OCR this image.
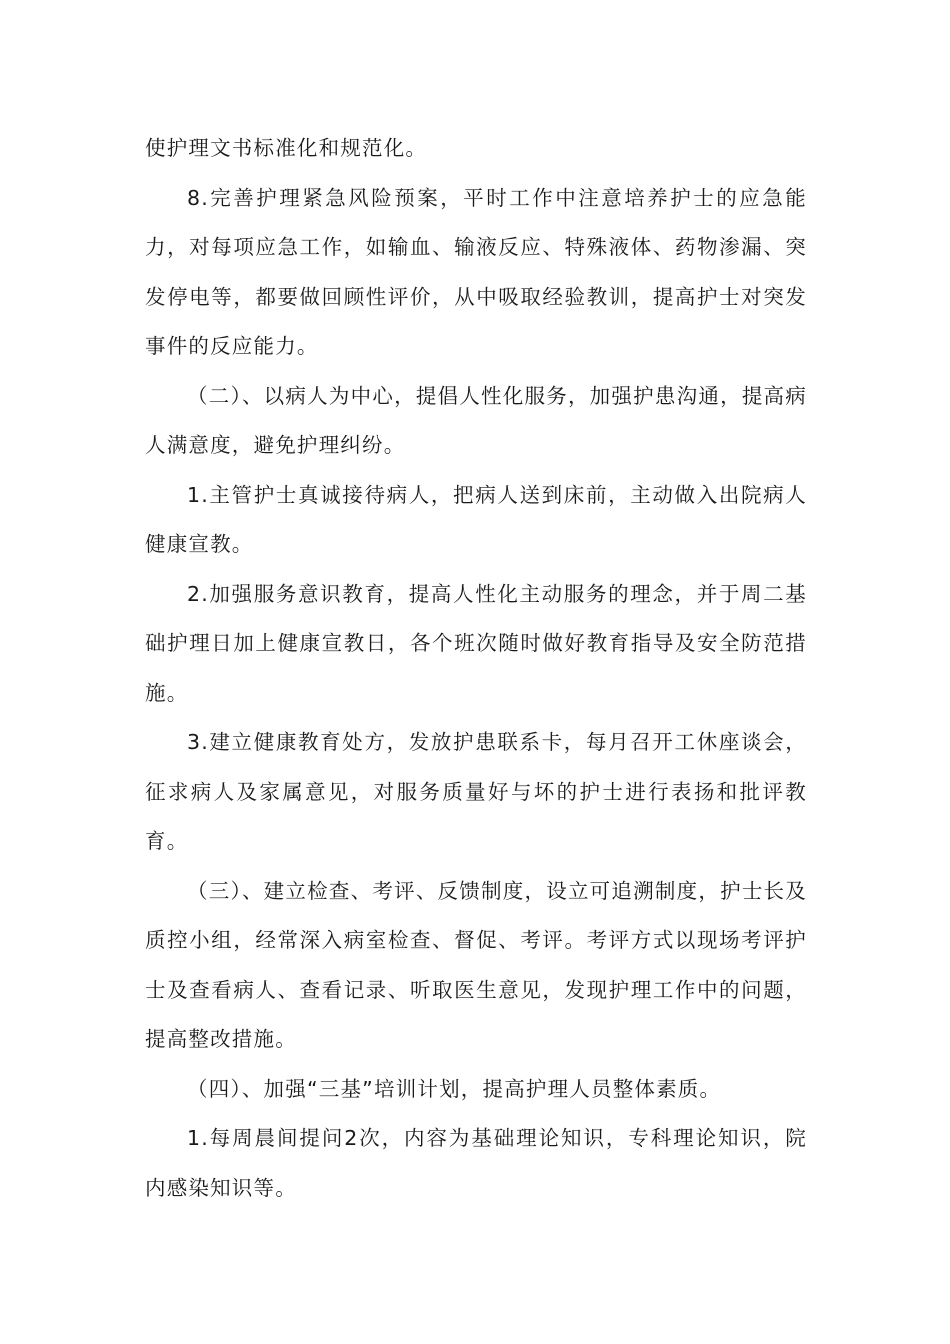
使护理文书标准化和规范化。

8.完善护理紧急风险预案，平时工作中注意培养护士的应急能力，对每项应急工作，如输血、输液反应、特殊液体、药物渗漏、突发停电等，都要做回顾性评价，从中吸取经验教训，提高护士对突发事件的反应能力。

（二）、以病人为中心，提倡人性化服务，加强护患沟通，提高病人满意度，避免护理纠纷。

1.主管护士真诚接待病人，把病人送到床前，主动做入出院病人健康宣教。

2.加强服务意识教育，提高人性化主动服务的理念，并于周二基础护理日加上健康宣教日，各个班次随时做好教育指导及安全防范措施。

3.建立健康教育处方，发放护患联系卡，每月召开工休座谈会，征求病人及家属意见，对服务质量好与坏的护士进行表扬和批评教育。

（三）、建立检查、考评、反馈制度，设立可追溯制度，护士长及质控小组，经常深入病室检查、督促、考评。考评方式以现场考评护士及查看病人、查看记录、听取医生意见，发现护理工作中的问题，提高整改措施。

（四）、加强“三基”培训计划，提高护理人员整体素质。

1.每周晨间提问2次，内容为基础理论知识，专科理论知识，院内感染知识等。
